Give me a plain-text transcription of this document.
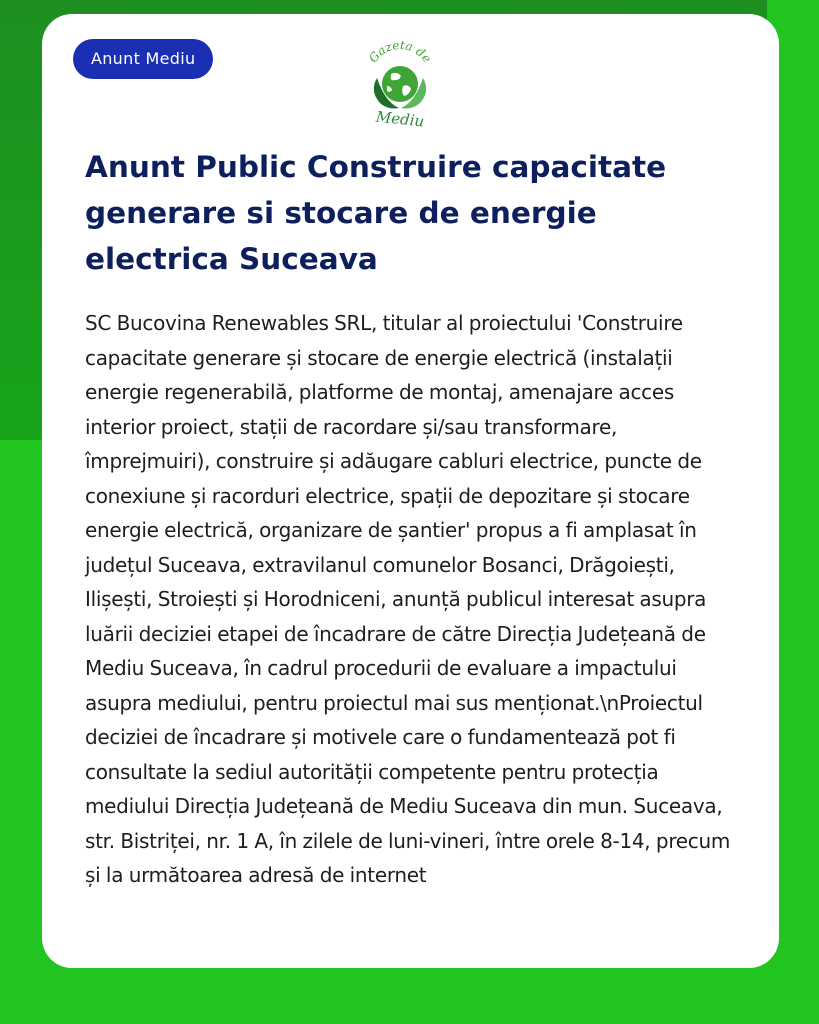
Anunt Mediu	Gazeta de
Mediu
Anunt Public Construire capacitate generare si stocare de energie electrica Suceava

SC Bucovina Renewables SRL, titular al proiectului 'Construire capacitate generare și stocare de energie electrică (instalații energie regenerabilă, platforme de montaj, amenajare acces interior proiect, stații de racordare și/sau transformare, împrejmuiri), construire și adăugare cabluri electrice, puncte de conexiune și racorduri electrice, spații de depozitare și stocare energie electrică, organizare de șantier' propus a fi amplasat în județul Suceava, extravilanul comunelor Bosanci, Drăgoiești, Ilișești, Stroiești și Horodniceni, anunță publicul interesat asupra luării deciziei etapei de încadrare de către Direcția Județeană de Mediu Suceava, în cadrul procedurii de evaluare a impactului asupra mediului, pentru proiectul mai sus menționat.\nProiectul deciziei de încadrare și motivele care o fundamentează pot fi consultate la sediul autorității competente pentru protecția mediului Direcția Județeană de Mediu Suceava din mun. Suceava, str. Bistriței, nr. 1 A, în zilele de luni-vineri, între orele 8-14, precum și la următoarea adresă de internet
